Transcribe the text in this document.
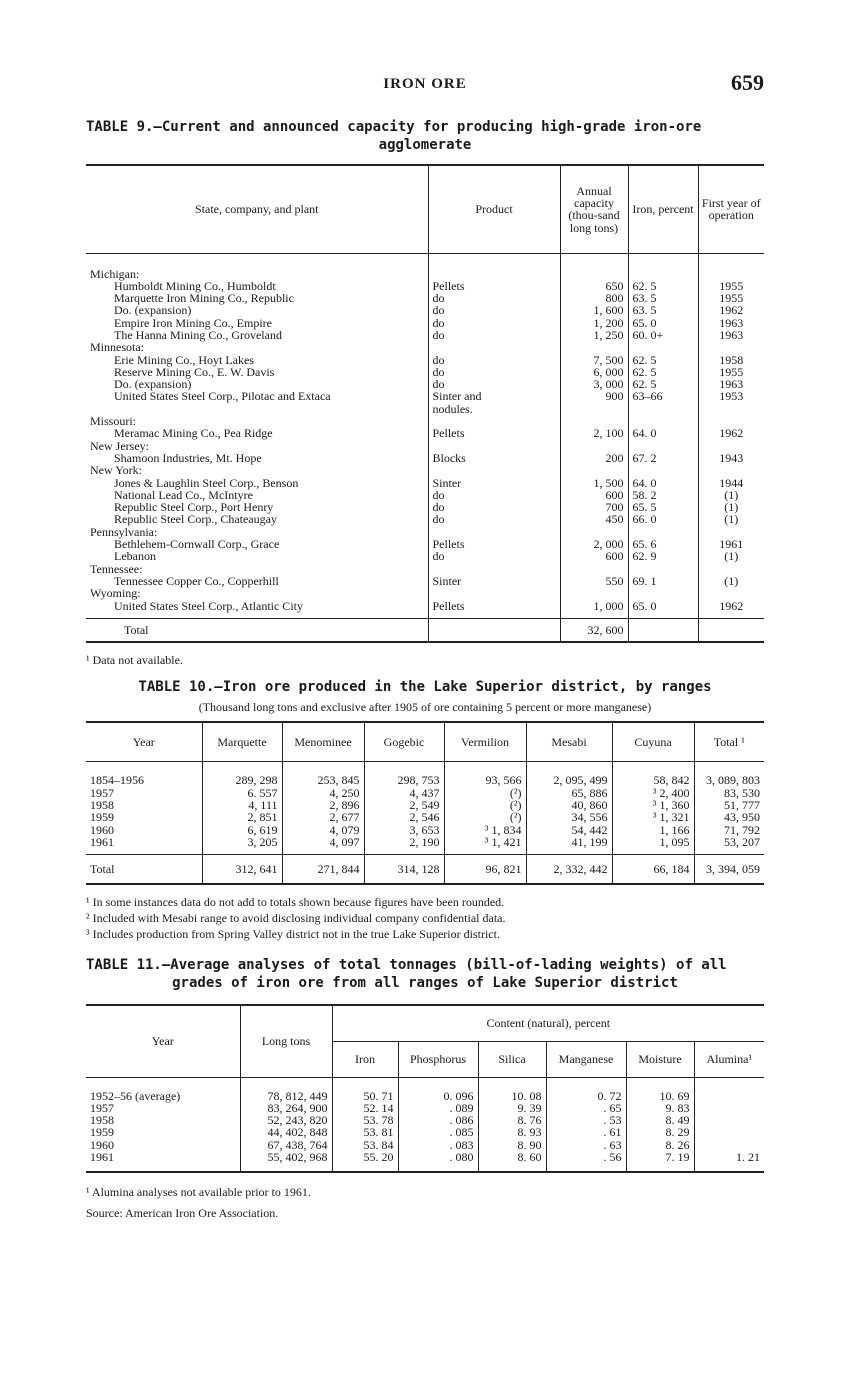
IRON ORE	659
TABLE 9.—Current and announced capacity for producing high-grade iron-ore
agglomerate
State, company, and plant	Product	Annual capacity (thou-sand long tons)	Iron, percent	First year of operation

Michigan:				
Humboldt Mining Co., Humboldt	Pellets	650	62. 5	1955
Marquette Iron Mining Co., Republic	do	800	63. 5	1955
Do. (expansion)	do	1, 600	63. 5	1962
Empire Iron Mining Co., Empire	do	1, 200	65. 0	1963
The Hanna Mining Co., Groveland	do	1, 250	60. 0+	1963
Minnesota:				
Erie Mining Co., Hoyt Lakes	do	7, 500	62. 5	1958
Reserve Mining Co., E. W. Davis	do	6, 000	62. 5	1955
Do. (expansion)	do	3, 000	62. 5	1963
United States Steel Corp., Pilotac and Extaca	Sinter and	900	63–66	1953
	nodules.			
Missouri:				
Meramac Mining Co., Pea Ridge	Pellets	2, 100	64. 0	1962
New Jersey:				
Shamoon Industries, Mt. Hope	Blocks	200	67. 2	1943
New York:				
Jones & Laughlin Steel Corp., Benson	Sinter	1, 500	64. 0	1944
National Lead Co., McIntyre	do	600	58. 2	(1)
Republic Steel Corp., Port Henry	do	700	65. 5	(1)
Republic Steel Corp., Chateaugay	do	450	66. 0	(1)
Pennsylvania:				
Bethlehem-Cornwall Corp., Grace	Pellets	2, 000	65. 6	1961
Lebanon	do	600	62. 9	(1)
Tennessee:				
Tennessee Copper Co., Copperhill	Sinter	550	69. 1	(1)
Wyoming:				
United States Steel Corp., Atlantic City	Pellets	1, 000	65. 0	1962

Total		32, 600		
¹ Data not available.
TABLE 10.—Iron ore produced in the Lake Superior district, by ranges
(Thousand long tons and exclusive after 1905 of ore containing 5 percent or more manganese)
Year	Marquette	Menominee	Gogebic	Vermilion	Mesabi	Cuyuna	Total ¹

1854–1956	289, 298	253, 845	298, 753	93, 566	2, 095, 499	58, 842	3, 089, 803
1957	6. 557	4, 250	4, 437	(²)	65, 886	³ 2, 400	83, 530
1958	4, 111	2, 896	2, 549	(²)	40, 860	³ 1, 360	51, 777
1959	2, 851	2, 677	2, 546	(²)	34, 556	³ 1, 321	43, 950
1960	6, 619	4, 079	3, 653	³ 1, 834	54, 442	1, 166	71, 792
1961	3, 205	4, 097	2, 190	³ 1, 421	41, 199	1, 095	53, 207

Total	312, 641	271, 844	314, 128	96, 821	2, 332, 442	66, 184	3, 394, 059
¹ In some instances data do not add to totals shown because figures have been rounded.
² Included with Mesabi range to avoid disclosing individual company confidential data.
³ Includes production from Spring Valley district not in the true Lake Superior district.
TABLE 11.—Average analyses of total tonnages (bill-of-lading weights) of all
grades of iron ore from all ranges of Lake Superior district
Year	Long tons	Content (natural), percent					
		Iron	Phosphorus	Silica	Manganese	Moisture	Alumina¹

1952–56 (average)	78, 812, 449	50. 71	0. 096	10. 08	0. 72	10. 69	
1957	83, 264, 900	52. 14	. 089	9. 39	. 65	9. 83	
1958	52, 243, 820	53. 78	. 086	8. 76	. 53	8. 49	
1959	44, 402, 848	53. 81	. 085	8. 93	. 61	8. 29	
1960	67, 438, 764	53. 84	. 083	8. 90	. 63	8. 26	
1961	55, 402, 968	55. 20	. 080	8. 60	. 56	7. 19	1. 21

¹ Alumina analyses not available prior to 1961.
Source: American Iron Ore Association.
